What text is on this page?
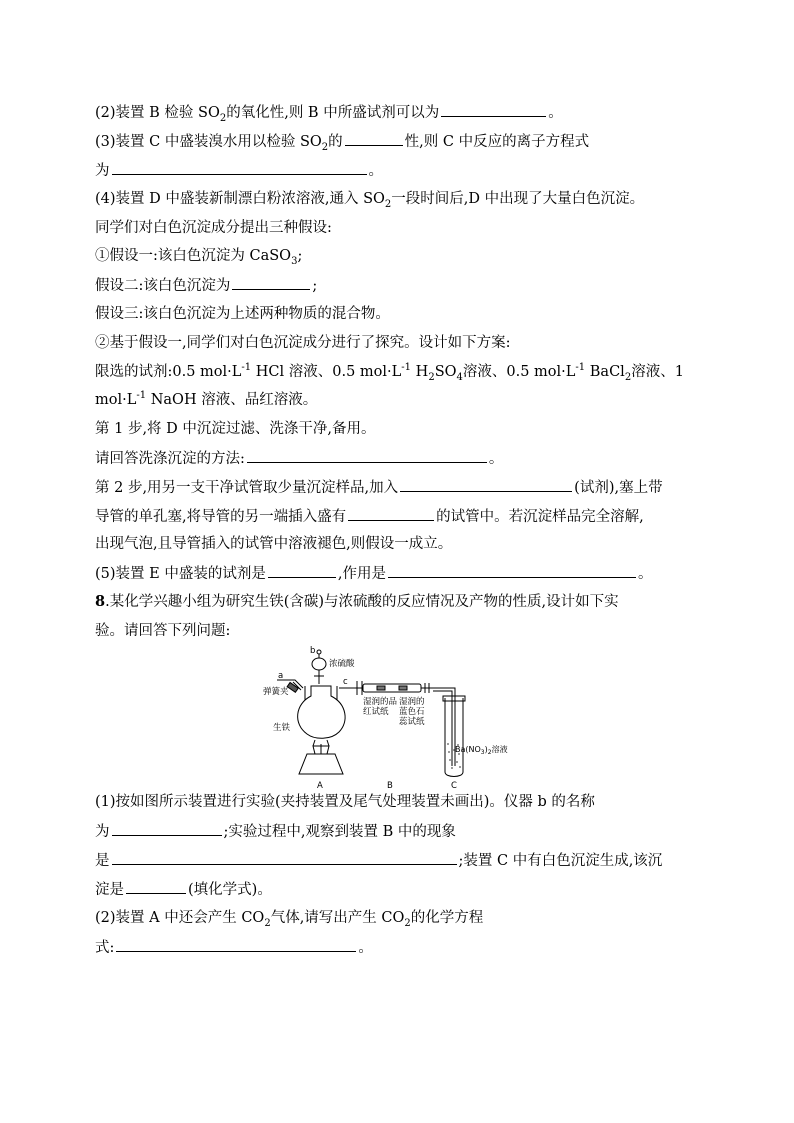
(2)装置 B 检验 $SO_2$的氧化性,则 B 中所盛试剂可以为	。
(3)装置 C 中盛装溴水用以检验 $SO_2$的	性,则 C 中反应的离子方程式
为	。
(4)装置 D 中盛装新制漂白粉浓溶液,通入 $SO_2$一段时间后,D 中出现了大量白色沉淀。
同学们对白色沉淀成分提出三种假设:
①假设一:该白色沉淀为 CaSO$_3$;
假设二:该白色沉淀为	;
假设三:该白色沉淀为上述两种物质的混合物。
②基于假设一,同学们对白色沉淀成分进行了探究。设计如下方案:
限选的试剂:0.5 $mol\cdot L^{-1}$ HCl 溶液、0.5 $mol\cdot L^{-1}$ $H_2SO_4$溶液、0.5 $mol\cdot L^{-1}$ BaCl$_2$溶液、1
$mol\cdot L^{-1}$ NaOH 溶液、品红溶液。
第 1 步,将 D 中沉淀过滤、洗涤干净,备用。
请回答洗涤沉淀的方法:	。
第 2 步,用另一支干净试管取少量沉淀样品,加入	(试剂),塞上带
导管的单孔塞,将导管的另一端插入盛有	的试管中。若沉淀样品完全溶解,
出现气泡,且导管插入的试管中溶液褪色,则假设一成立。
(5)装置 E 中盛装的试剂是	,作用是	。
8.某化学兴趣小组为研究生铁(含碳)与浓硫酸的反应情况及产物的性质,设计如下实
验。请回答下列问题:
b
浓硫酸
a
弹簧夹
c
生铁
湿润的品
红试纸
湿润的
蓝色石
蕊试纸
$Ba(NO_3)_2$溶液
A	B	C
(1)按如图所示装置进行实验(夹持装置及尾气处理装置未画出)。仪器 b 的名称
为	;实验过程中,观察到装置 B 中的现象
是	;装置 C 中有白色沉淀生成,该沉
淀是	(填化学式)。
(2)装置 A 中还会产生 $CO_2$气体,请写出产生 $CO_2$的化学方程
式:	。
